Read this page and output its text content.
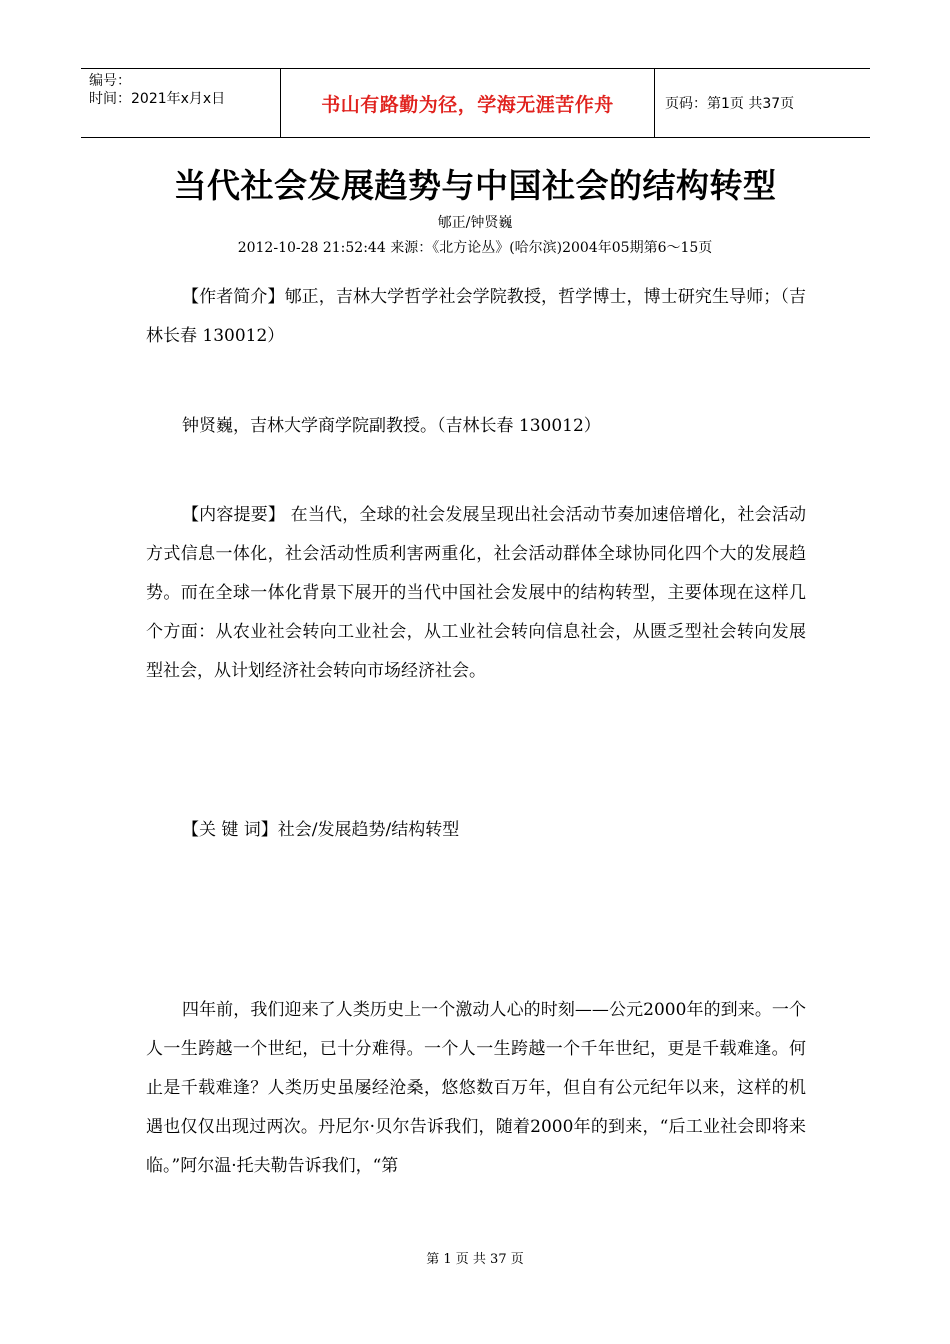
编号：
时间：2021年x月x日	书山有路勤为径，学海无涯苦作舟	页码：第1页 共37页
当代社会发展趋势与中国社会的结构转型
郇正/钟贤巍
2012-10-28 21:52:44 来源：《北方论丛》(哈尔滨)2004年05期第6～15页

【作者简介】郇正，吉林大学哲学社会学院教授，哲学博士，博士研究生导师；（吉林长春 130012）

钟贤巍，吉林大学商学院副教授。（吉林长春 130012）

【内容提要】 在当代，全球的社会发展呈现出社会活动节奏加速倍增化，社会活动方式信息一体化，社会活动性质利害两重化，社会活动群体全球协同化四个大的发展趋势。而在全球一体化背景下展开的当代中国社会发展中的结构转型，主要体现在这样几个方面：从农业社会转向工业社会，从工业社会转向信息社会，从匮乏型社会转向发展型社会，从计划经济社会转向市场经济社会。

【关 键 词】社会/发展趋势/结构转型

四年前，我们迎来了人类历史上一个激动人心的时刻——公元2000年的到来。一个人一生跨越一个世纪，已十分难得。一个人一生跨越一个千年世纪，更是千载难逢。何止是千载难逢？人类历史虽屡经沧桑，悠悠数百万年，但自有公元纪年以来，这样的机遇也仅仅出现过两次。丹尼尔·贝尔告诉我们，随着2000年的到来，“后工业社会即将来临。”阿尔温·托夫勒告诉我们，“第

第 1 页 共 37 页
